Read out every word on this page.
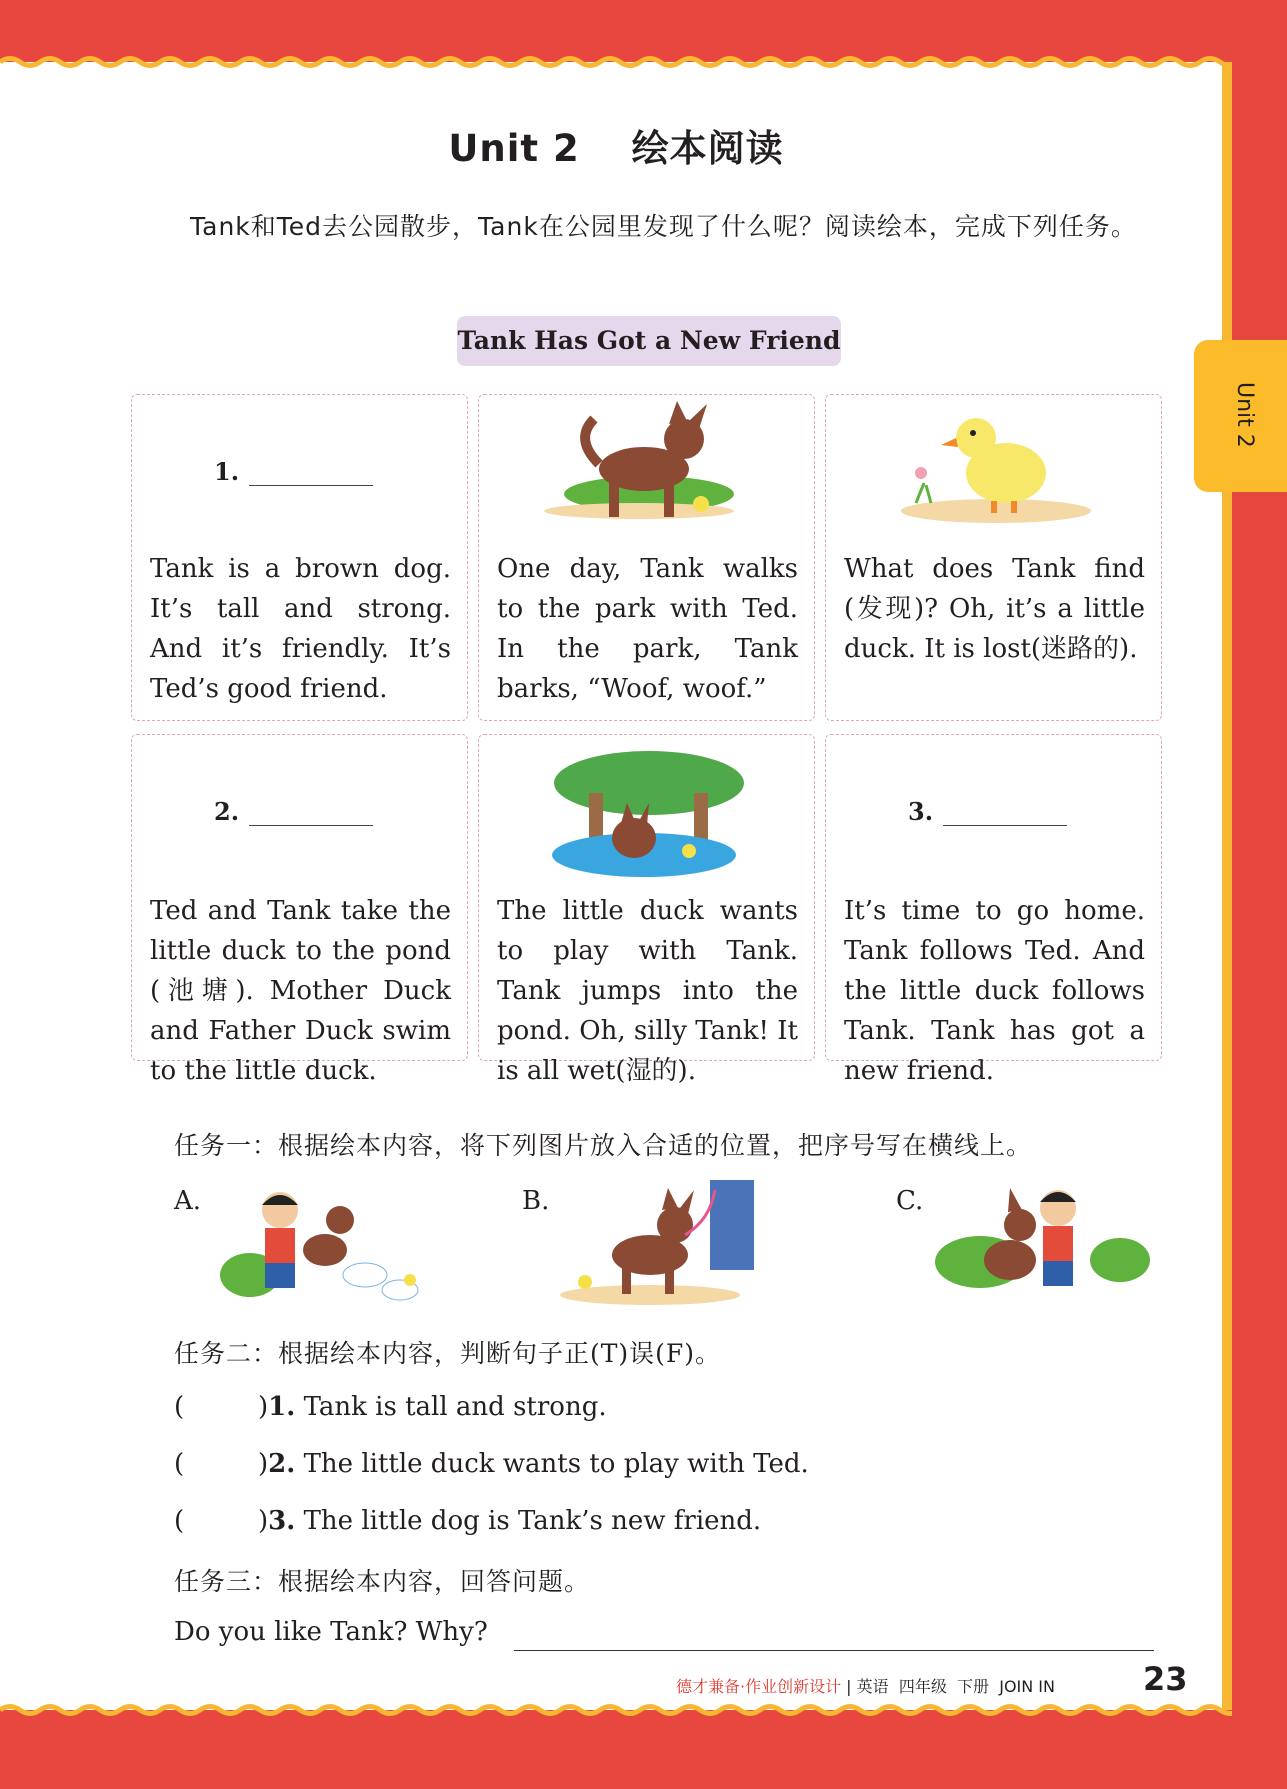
Unit 2　 绘本阅读
Tank和Ted去公园散步，Tank在公园里发现了什么呢？阅读绘本，完成下列任务。
Unit 2
Tank Has Got a New Friend
1.
Tank is a brown dog. It’s tall and strong. And it’s friendly. It’s Ted’s good friend.
One day, Tank walks to the park with Ted. In the park, Tank barks, “Woof, woof.”
What does Tank find (发现)? Oh, it’s a little duck. It is lost(迷路的).
2.
Ted and Tank take the little duck to the pond (池塘). Mother Duck and Father Duck swim to the little duck.
The little duck wants to play with Tank. Tank jumps into the pond. Oh, silly Tank! It is all wet(湿的).
3.
It’s time to go home. Tank follows Ted. And the little duck follows Tank. Tank has got a new friend.
任务一：根据绘本内容，将下列图片放入合适的位置，把序号写在横线上。
A.	B.	C.
任务二：根据绘本内容，判断句子正(T)误(F)。
(	)1. Tank is tall and strong.
(	)2. The little duck wants to play with Ted.
(	)3. The little dog is Tank’s new friend.
任务三：根据绘本内容，回答问题。
Do you like Tank? Why?
德才兼备·作业创新设计 | 英语 四年级 下册 JOIN IN	23
